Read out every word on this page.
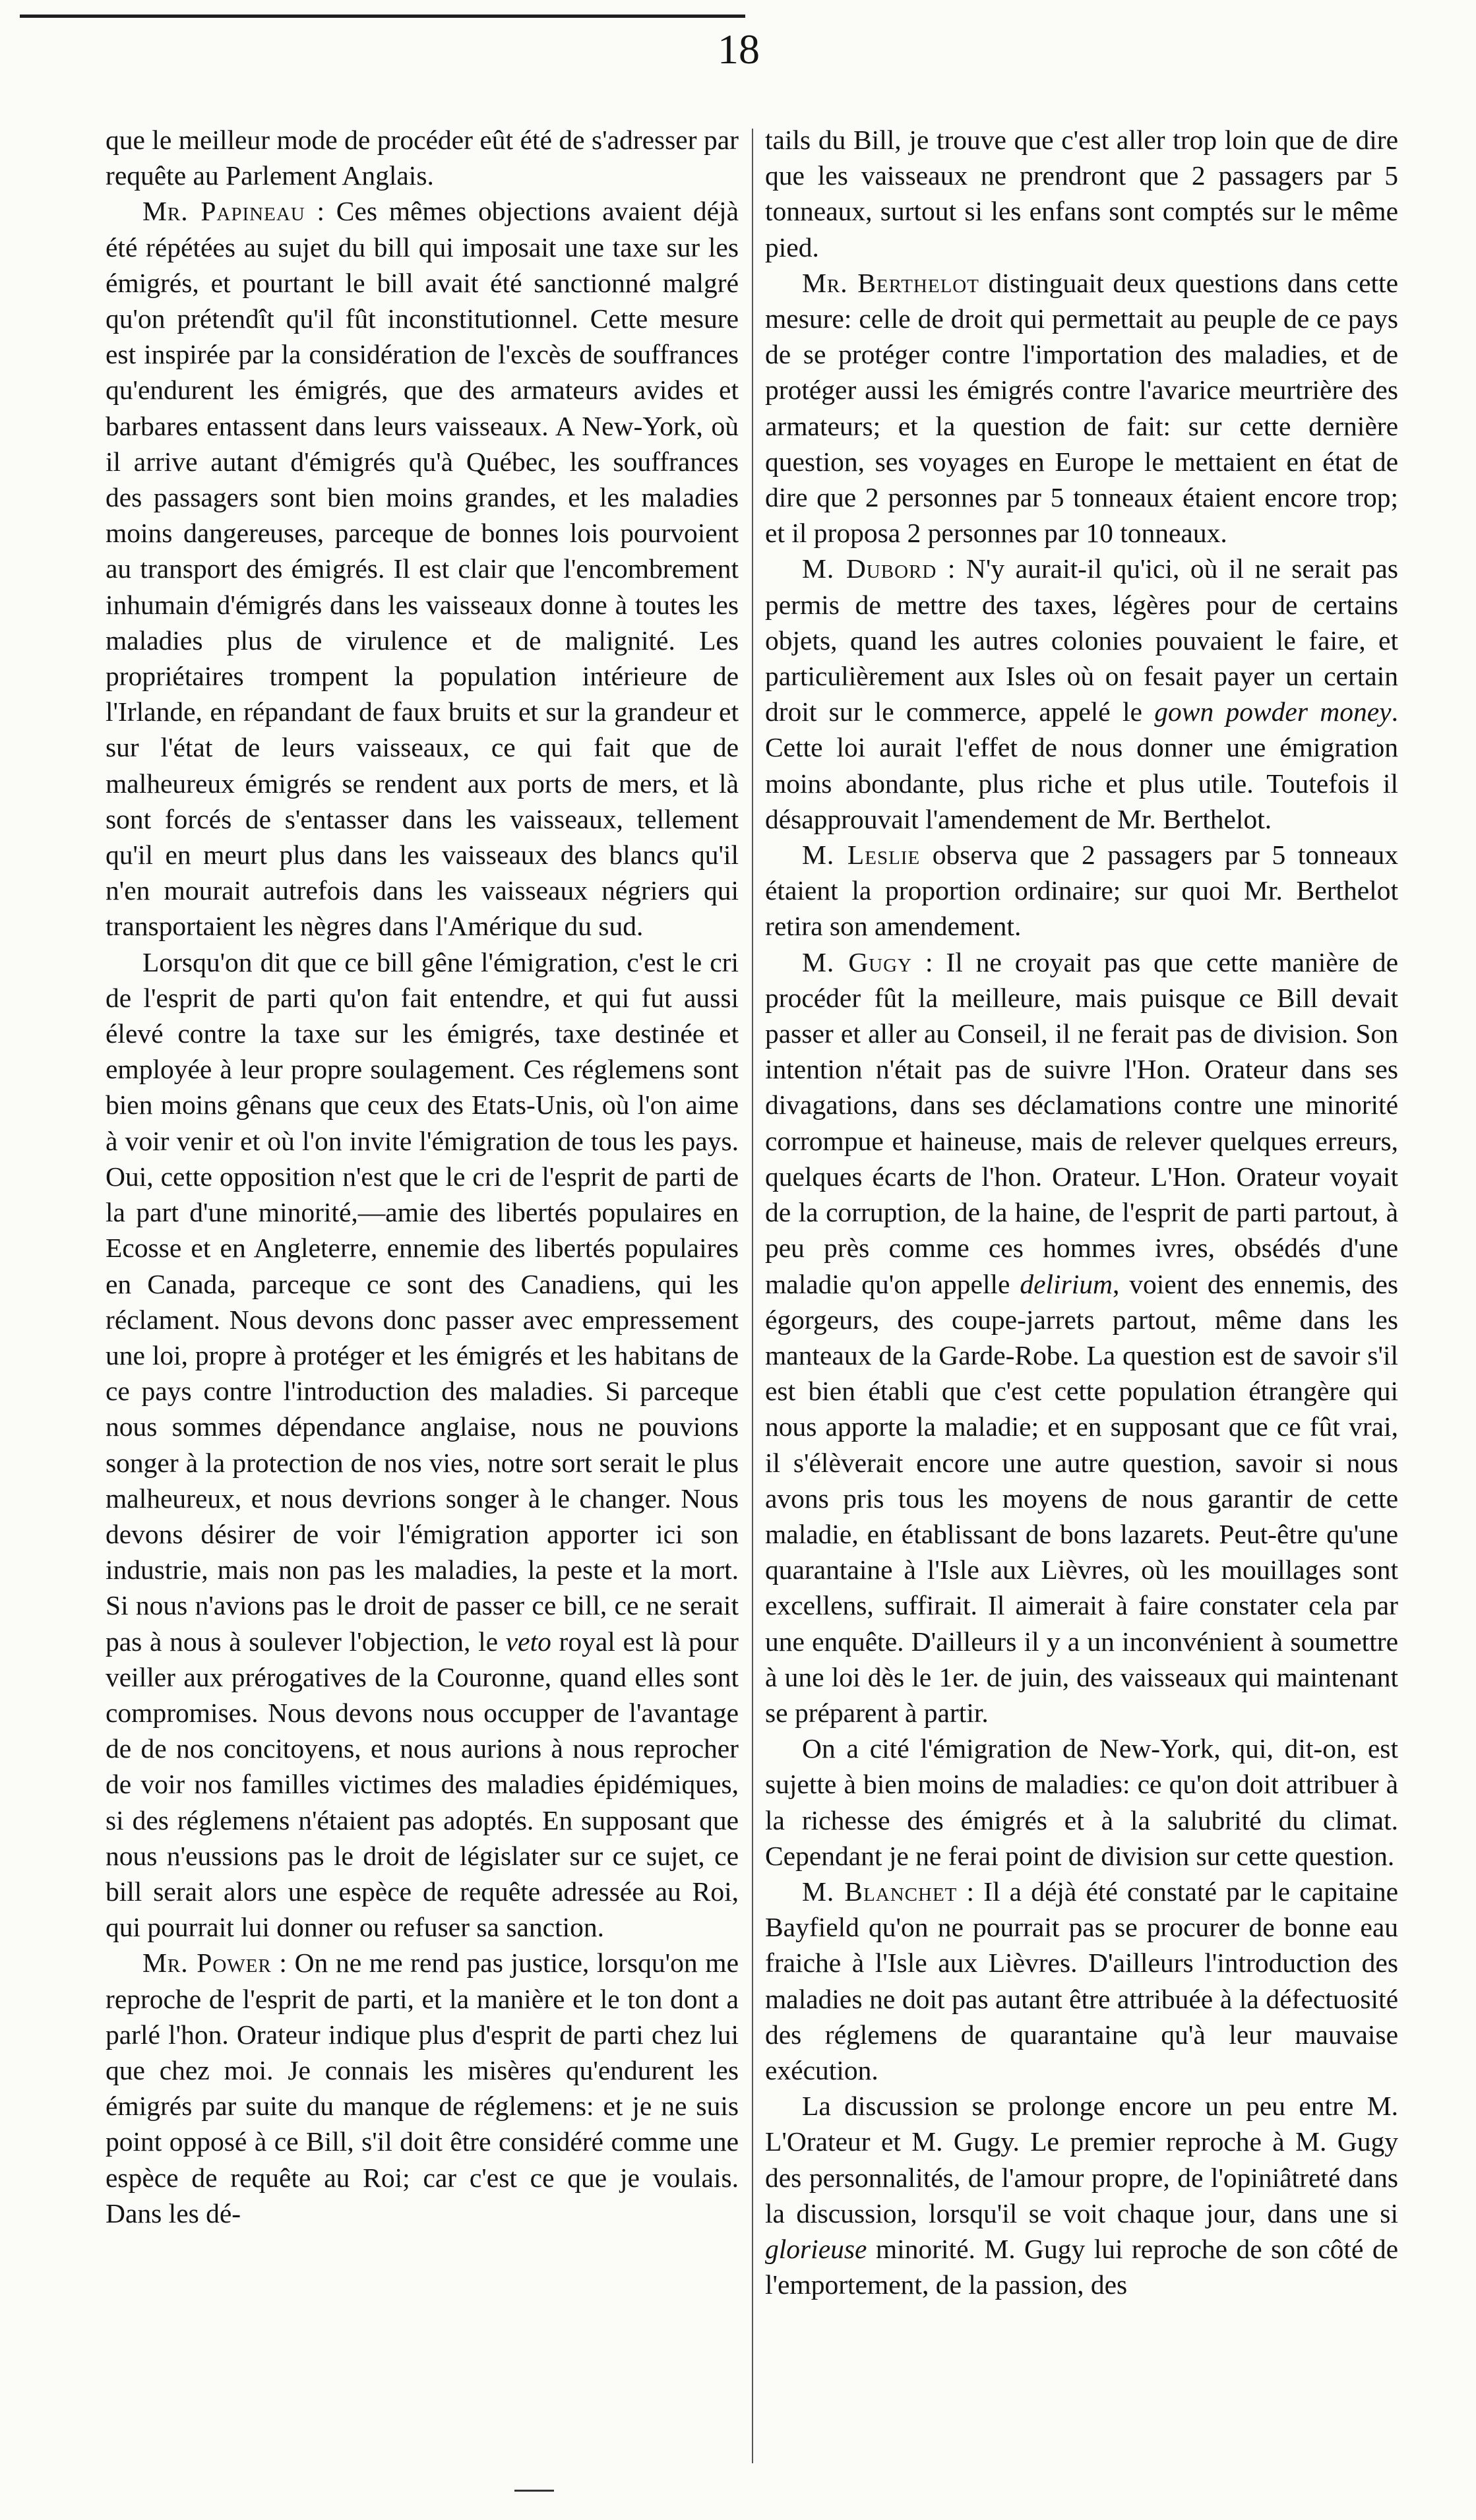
18

que le meilleur mode de procéder eût été de s'adresser par requête au Parlement Anglais.

Mr. Papineau : Ces mêmes objections avaient déjà été répétées au sujet du bill qui imposait une taxe sur les émigrés, et pourtant le bill avait été sanctionné malgré qu'on prétendît qu'il fût inconstitutionnel. Cette mesure est inspirée par la considération de l'excès de souffrances qu'endurent les émigrés, que des armateurs avides et barbares entassent dans leurs vaisseaux. A New-York, où il arrive autant d'émigrés qu'à Québec, les souffrances des passagers sont bien moins grandes, et les maladies moins dangereuses, parceque de bonnes lois pourvoient au transport des émigrés. Il est clair que l'encombrement inhumain d'émigrés dans les vaisseaux donne à toutes les maladies plus de virulence et de malignité. Les propriétaires trompent la population intérieure de l'Irlande, en répandant de faux bruits et sur la grandeur et sur l'état de leurs vaisseaux, ce qui fait que de malheureux émigrés se rendent aux ports de mers, et là sont forcés de s'entasser dans les vaisseaux, tellement qu'il en meurt plus dans les vaisseaux des blancs qu'il n'en mourait autrefois dans les vaisseaux négriers qui transportaient les nègres dans l'Amérique du sud.

Lorsqu'on dit que ce bill gêne l'émigration, c'est le cri de l'esprit de parti qu'on fait entendre, et qui fut aussi élevé contre la taxe sur les émigrés, taxe destinée et employée à leur propre soulagement. Ces réglemens sont bien moins gênans que ceux des Etats-Unis, où l'on aime à voir venir et où l'on invite l'émigration de tous les pays. Oui, cette opposition n'est que le cri de l'esprit de parti de la part d'une minorité,—amie des libertés populaires en Ecosse et en Angleterre, ennemie des libertés populaires en Canada, parceque ce sont des Canadiens, qui les réclament. Nous devons donc passer avec empressement une loi, propre à protéger et les émigrés et les habitans de ce pays contre l'introduction des maladies. Si parceque nous sommes dépendance anglaise, nous ne pouvions songer à la protection de nos vies, notre sort serait le plus malheureux, et nous devrions songer à le changer. Nous devons désirer de voir l'émigration apporter ici son industrie, mais non pas les maladies, la peste et la mort. Si nous n'avions pas le droit de passer ce bill, ce ne serait pas à nous à soulever l'objection, le veto royal est là pour veiller aux prérogatives de la Couronne, quand elles sont compromises. Nous devons nous occupper de l'avantage de de nos concitoyens, et nous aurions à nous reprocher de voir nos familles victimes des maladies épidémiques, si des réglemens n'étaient pas adoptés. En supposant que nous n'eussions pas le droit de législater sur ce sujet, ce bill serait alors une espèce de requête adressée au Roi, qui pourrait lui donner ou refuser sa sanction.

Mr. Power : On ne me rend pas justice, lorsqu'on me reproche de l'esprit de parti, et la manière et le ton dont a parlé l'hon. Orateur indique plus d'esprit de parti chez lui que chez moi. Je connais les misères qu'endurent les émigrés par suite du manque de réglemens: et je ne suis point opposé à ce Bill, s'il doit être considéré comme une espèce de requête au Roi; car c'est ce que je voulais. Dans les dé-

tails du Bill, je trouve que c'est aller trop loin que de dire que les vaisseaux ne prendront que 2 passagers par 5 tonneaux, surtout si les enfans sont comptés sur le même pied.

Mr. Berthelot distinguait deux questions dans cette mesure: celle de droit qui permettait au peuple de ce pays de se protéger contre l'importation des maladies, et de protéger aussi les émigrés contre l'avarice meurtrière des armateurs; et la question de fait: sur cette dernière question, ses voyages en Europe le mettaient en état de dire que 2 personnes par 5 tonneaux étaient encore trop; et il proposa 2 personnes par 10 tonneaux.

M. Dubord : N'y aurait-il qu'ici, où il ne serait pas permis de mettre des taxes, légères pour de certains objets, quand les autres colonies pouvaient le faire, et particulièrement aux Isles où on fesait payer un certain droit sur le commerce, appelé le gown powder money. Cette loi aurait l'effet de nous donner une émigration moins abondante, plus riche et plus utile. Toutefois il désapprouvait l'amendement de Mr. Berthelot.

M. Leslie observa que 2 passagers par 5 tonneaux étaient la proportion ordinaire; sur quoi Mr. Berthelot retira son amendement.

M. Gugy : Il ne croyait pas que cette manière de procéder fût la meilleure, mais puisque ce Bill devait passer et aller au Conseil, il ne ferait pas de division. Son intention n'était pas de suivre l'Hon. Orateur dans ses divagations, dans ses déclamations contre une minorité corrompue et haineuse, mais de relever quelques erreurs, quelques écarts de l'hon. Orateur. L'Hon. Orateur voyait de la corruption, de la haine, de l'esprit de parti partout, à peu près comme ces hommes ivres, obsédés d'une maladie qu'on appelle delirium, voient des ennemis, des égorgeurs, des coupe-jarrets partout, même dans les manteaux de la Garde-Robe. La question est de savoir s'il est bien établi que c'est cette population étrangère qui nous apporte la maladie; et en supposant que ce fût vrai, il s'élèverait encore une autre question, savoir si nous avons pris tous les moyens de nous garantir de cette maladie, en établissant de bons lazarets. Peut-être qu'une quarantaine à l'Isle aux Lièvres, où les mouillages sont excellens, suffirait. Il aimerait à faire constater cela par une enquête. D'ailleurs il y a un inconvénient à soumettre à une loi dès le 1er. de juin, des vaisseaux qui maintenant se préparent à partir.

On a cité l'émigration de New-York, qui, dit-on, est sujette à bien moins de maladies: ce qu'on doit attribuer à la richesse des émigrés et à la salubrité du climat. Cependant je ne ferai point de division sur cette question.

M. Blanchet : Il a déjà été constaté par le capitaine Bayfield qu'on ne pourrait pas se procurer de bonne eau fraiche à l'Isle aux Lièvres. D'ailleurs l'introduction des maladies ne doit pas autant être attribuée à la défectuosité des réglemens de quarantaine qu'à leur mauvaise exécution.

La discussion se prolonge encore un peu entre M. L'Orateur et M. Gugy. Le premier reproche à M. Gugy des personnalités, de l'amour propre, de l'opiniâtreté dans la discussion, lorsqu'il se voit chaque jour, dans une si glorieuse minorité. M. Gugy lui reproche de son côté de l'emportement, de la passion, des
